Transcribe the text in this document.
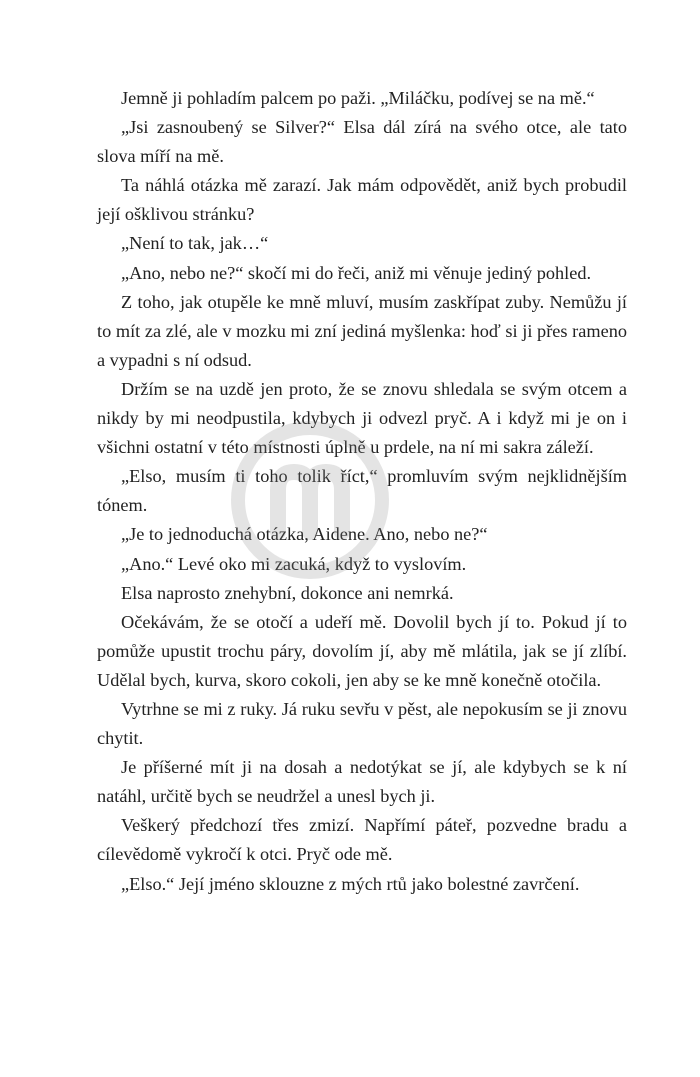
Jemně ji pohladím palcem po paži. „Miláčku, podívej se na mě.“

„Jsi zasnoubený se Silver?“ Elsa dál zírá na svého otce, ale tato slova míří na mě.

Ta náhlá otázka mě zarazí. Jak mám odpovědět, aniž bych probudil její ošklivou stránku?

„Není to tak, jak…“

„Ano, nebo ne?“ skočí mi do řeči, aniž mi věnuje jediný pohled.

Z toho, jak otupěle ke mně mluví, musím zaskřípat zuby. Nemůžu jí to mít za zlé, ale v mozku mi zní jediná myšlenka: hoď si ji přes rameno a vypadni s ní odsud.

Držím se na uzdě jen proto, že se znovu shledala se svým otcem a nikdy by mi neodpustila, kdybych ji odvezl pryč. A i když mi je on i všichni ostatní v této místnosti úplně u prdele, na ní mi sakra záleží.

„Elso, musím ti toho tolik říct,“ promluvím svým nejklidnějším tónem.

„Je to jednoduchá otázka, Aidene. Ano, nebo ne?“

„Ano.“ Levé oko mi zacuká, když to vyslovím.

Elsa naprosto znehybní, dokonce ani nemrká.

Očekávám, že se otočí a udeří mě. Dovolil bych jí to. Pokud jí to pomůže upustit trochu páry, dovolím jí, aby mě mlátila, jak se jí zlíbí. Udělal bych, kurva, skoro cokoli, jen aby se ke mně konečně otočila.

Vytrhne se mi z ruky. Já ruku sevřu v pěst, ale nepokusím se ji znovu chytit.

Je příšerné mít ji na dosah a nedotýkat se jí, ale kdybych se k ní natáhl, určitě bych se neudržel a unesl bych ji.

Veškerý předchozí třes zmizí. Napřímí páteř, pozvedne bradu a cílevědomě vykročí k otci. Pryč ode mě.

„Elso.“ Její jméno sklouzne z mých rtů jako bolestné zavrčení.
